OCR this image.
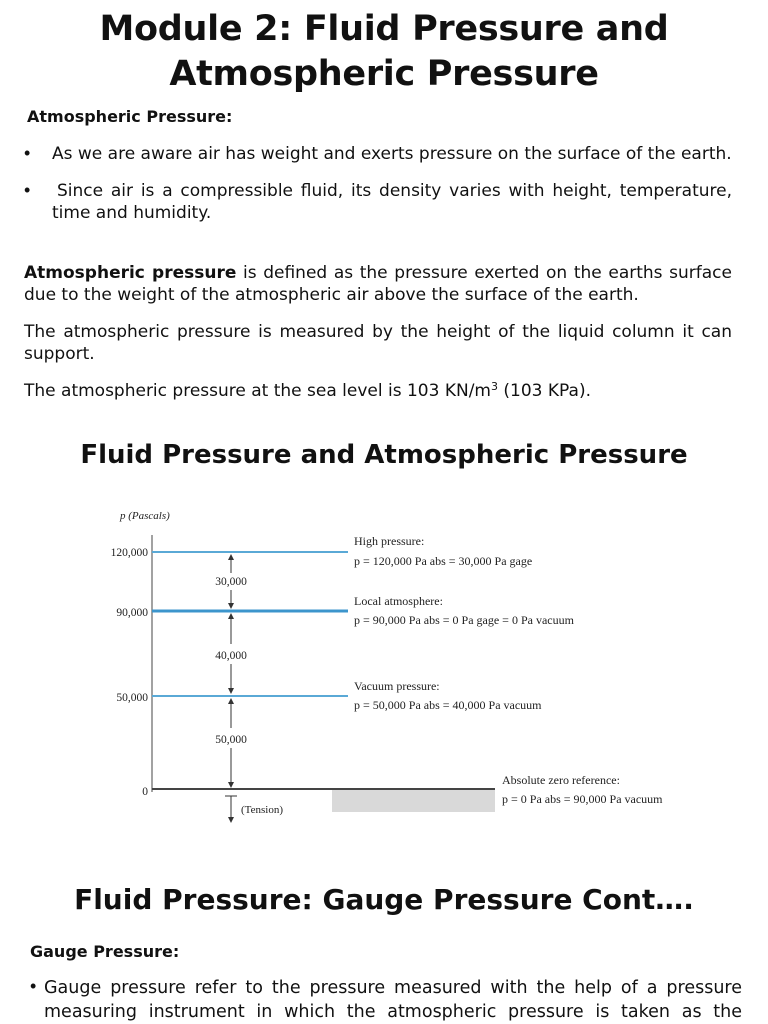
Module 2: Fluid Pressure and
Atmospheric Pressure
Atmospheric Pressure:
• As we are aware air has weight and exerts pressure on the surface of the earth.
• Since air is a compressible fluid, its density varies with height, temperature, time and humidity.
Atmospheric pressure is defined as the pressure exerted on the earths surface due to the weight of the atmospheric air above the surface of the earth.
The atmospheric pressure is measured by the height of the liquid column it can support.
The atmospheric pressure at the sea level is 103 $KN/m^3$ (103 KPa).
Fluid Pressure and Atmospheric Pressure
p (Pascals)
120,000
90,000
50,000
0
30,000
40,000
50,000
(Tension)
High pressure:
p = 120,000 Pa abs = 30,000 Pa gage
Local atmosphere:
p = 90,000 Pa abs = 0 Pa gage = 0 Pa vacuum
Vacuum pressure:
p = 50,000 Pa abs = 40,000 Pa vacuum
Absolute zero reference:
p = 0 Pa abs = 90,000 Pa vacuum
Fluid Pressure: Gauge Pressure Cont….
Gauge Pressure:
• Gauge pressure refer to the pressure measured with the help of a pressure
measuring instrument in which the atmospheric pressure is taken as the
